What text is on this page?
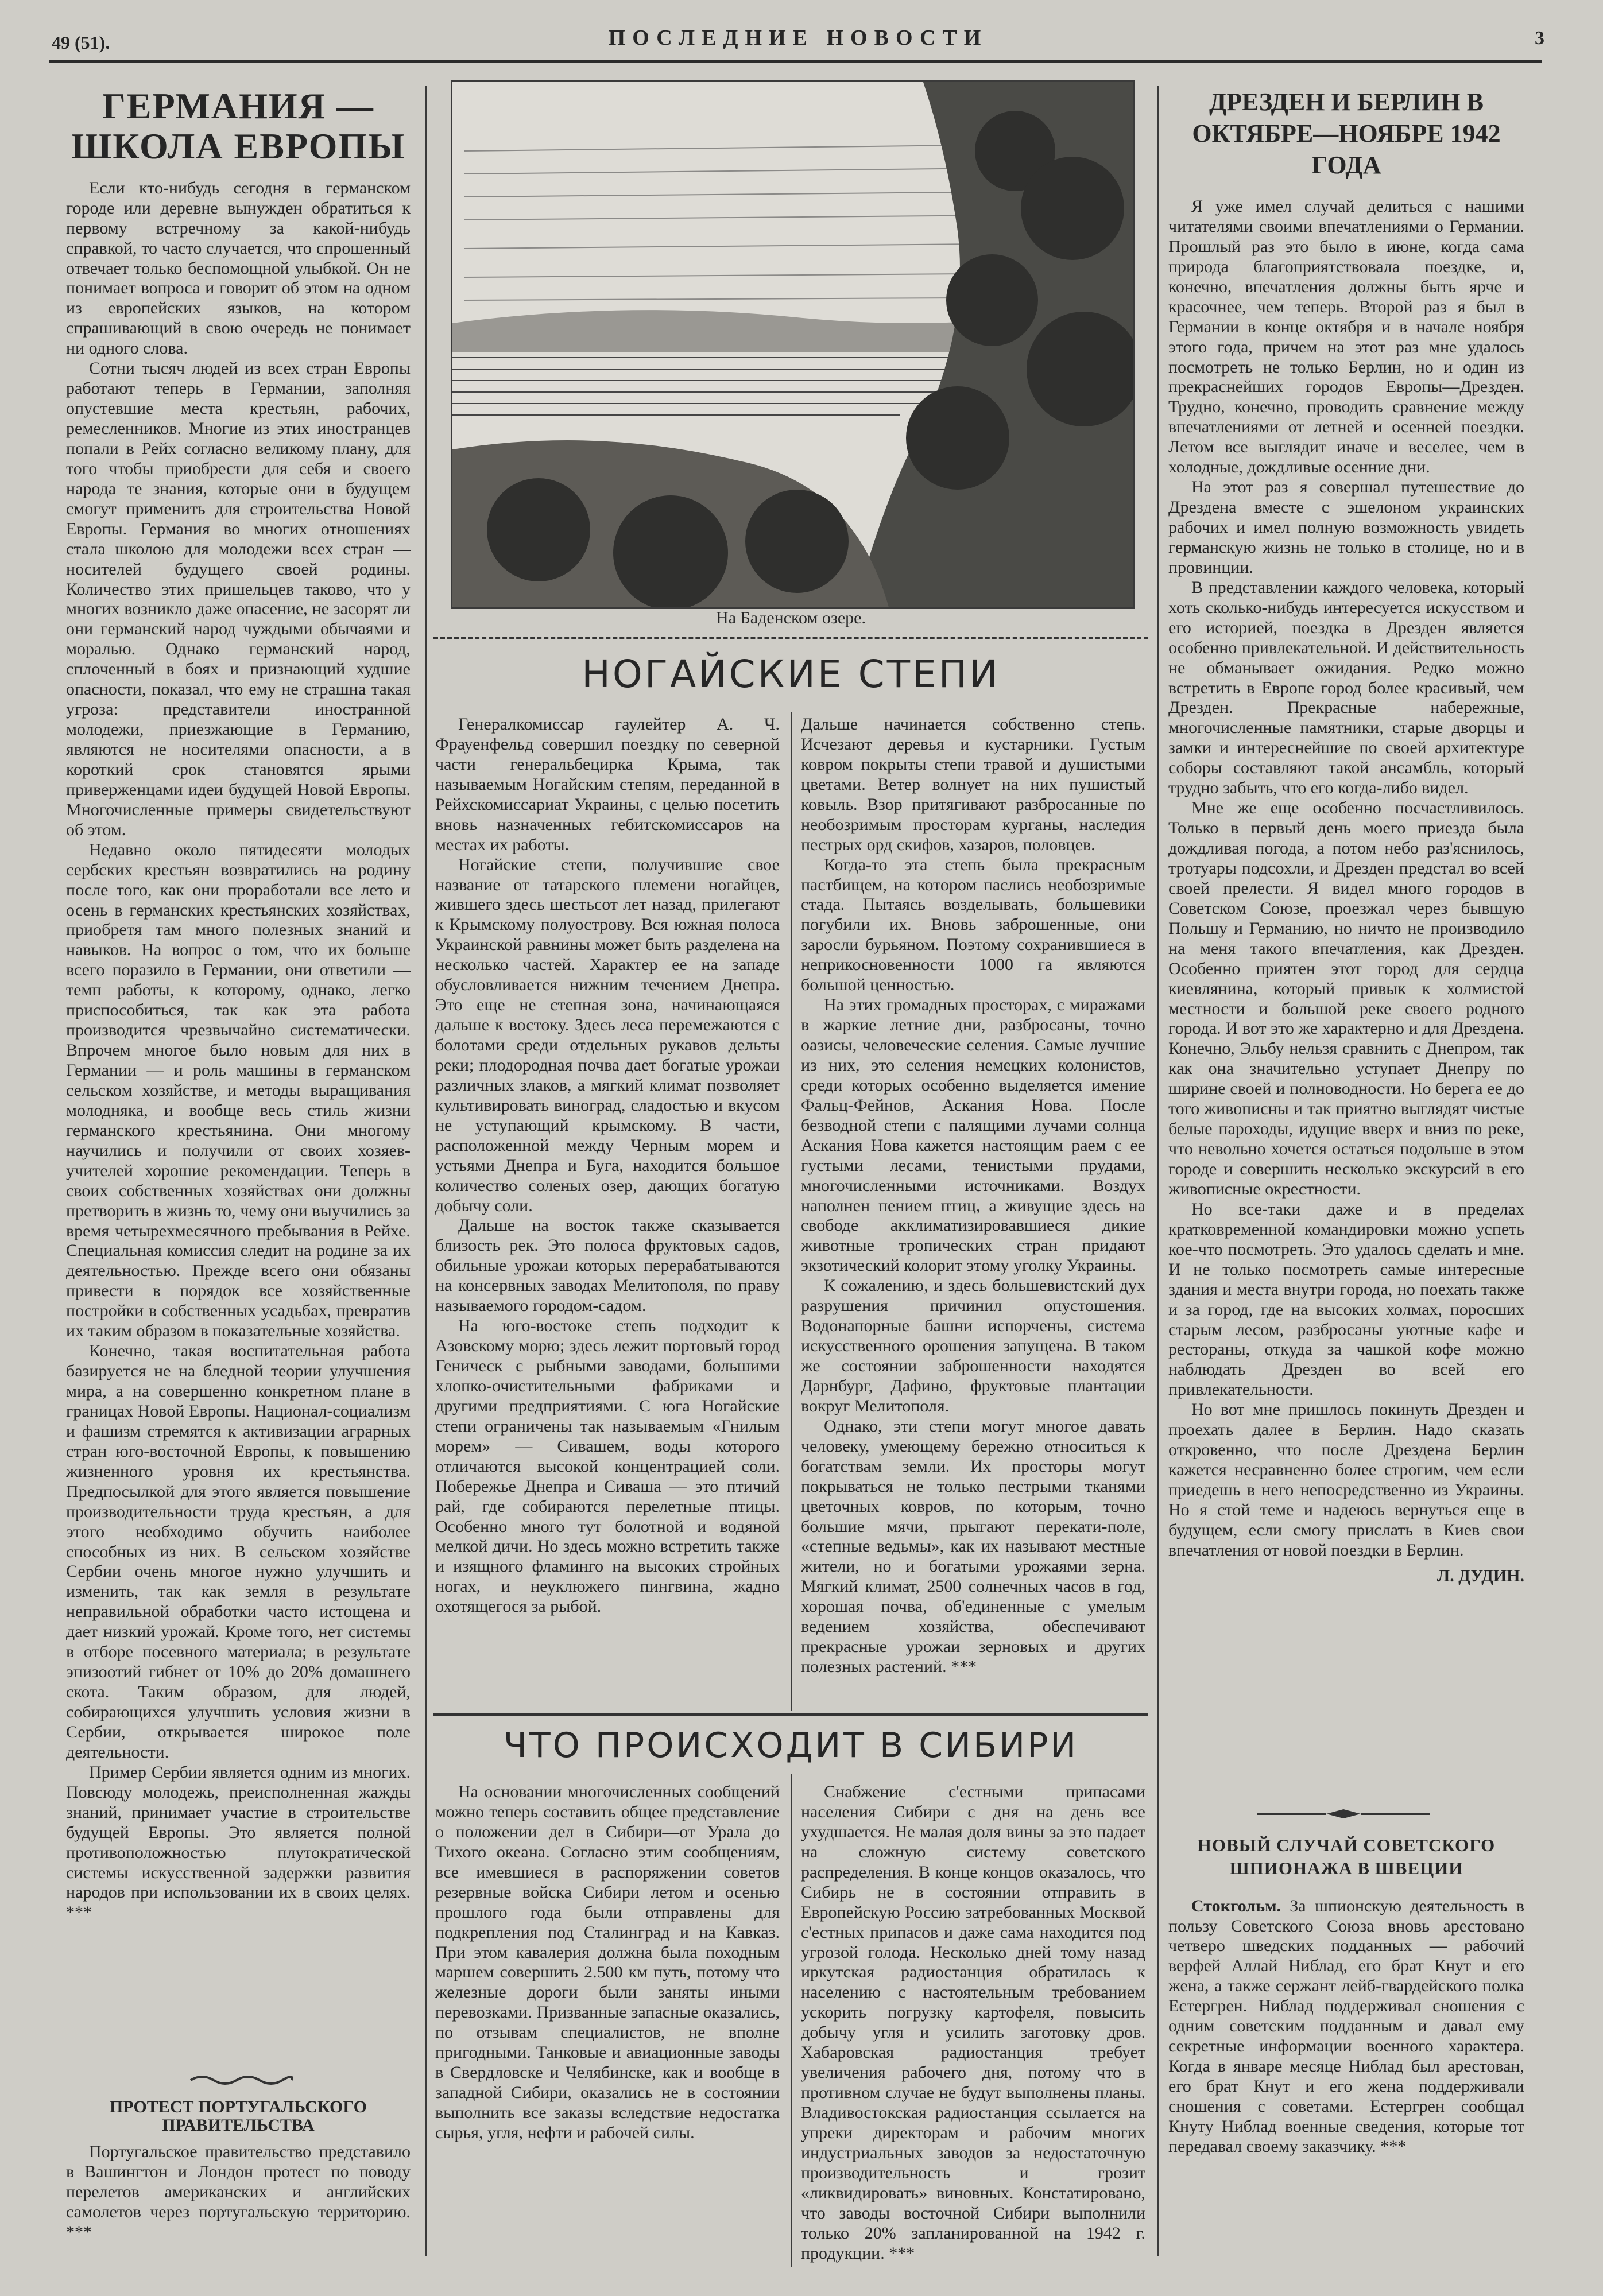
49 (51).	ПОСЛЕДНИЕ НОВОСТИ	3
ГЕРМАНИЯ — ШКОЛА ЕВРОПЫ

Если кто-нибудь сегодня в германском городе или деревне вынужден обратиться к первому встречному за какой-нибудь справкой, то часто случается, что спрошенный отвечает только беспомощной улыбкой. Он не понимает вопроса и говорит об этом на одном из европейских языков, на котором спрашивающий в свою очередь не понимает ни одного слова.

Сотни тысяч людей из всех стран Европы работают теперь в Германии, заполняя опустевшие места крестьян, рабочих, ремесленников. Многие из этих иностранцев попали в Рейх согласно великому плану, для того чтобы приобрести для себя и своего народа те знания, которые они в будущем смогут применить для строительства Новой Европы. Германия во многих отношениях стала школою для молодежи всех стран — носителей будущего своей родины. Количество этих пришельцев таково, что у многих возникло даже опасение, не засорят ли они германский народ чуждыми обычаями и моралью. Однако германский народ, сплоченный в боях и признающий худшие опасности, показал, что ему не страшна такая угроза: представители иностранной молодежи, приезжающие в Германию, являются не носителями опасности, а в короткий срок становятся ярыми приверженцами идеи будущей Новой Европы. Многочисленные примеры свидетельствуют об этом.

Недавно около пятидесяти молодых сербских крестьян возвратились на родину после того, как они проработали все лето и осень в германских крестьянских хозяйствах, приобретя там много полезных знаний и навыков. На вопрос о том, что их больше всего поразило в Германии, они ответили — темп работы, к которому, однако, легко приспособиться, так как эта работа производится чрезвычайно систематически. Впрочем многое было новым для них в Германии — и роль машины в германском сельском хозяйстве, и методы выращивания молодняка, и вообще весь стиль жизни германского крестьянина. Они многому научились и получили от своих хозяев-учителей хорошие рекомендации. Теперь в своих собственных хозяйствах они должны претворить в жизнь то, чему они выучились за время четырехмесячного пребывания в Рейхе. Специальная комиссия следит на родине за их деятельностью. Прежде всего они обязаны привести в порядок все хозяйственные постройки в собственных усадьбах, превратив их таким образом в показательные хозяйства.

Конечно, такая воспитательная работа базируется не на бледной теории улучшения мира, а на совершенно конкретном плане в границах Новой Европы. Национал-социализм и фашизм стремятся к активизации аграрных стран юго-восточной Европы, к повышению жизненного уровня их крестьянства. Предпосылкой для этого является повышение производительности труда крестьян, а для этого необходимо обучить наиболее способных из них. В сельском хозяйстве Сербии очень многое нужно улучшить и изменить, так как земля в результате неправильной обработки часто истощена и дает низкий урожай. Кроме того, нет системы в отборе посевного материала; в результате эпизоотий гибнет от 10% до 20% домашнего скота. Таким образом, для людей, собирающихся улучшить условия жизни в Сербии, открывается широкое поле деятельности.

Пример Сербии является одним из многих. Повсюду молодежь, преисполненная жажды знаний, принимает участие в строительстве будущей Европы. Это является полной противоположностью плутократической системы искусственной задержки развития народов при использовании их в своих целях. ***

ПРОТЕСТ ПОРТУГАЛЬСКОГО ПРАВИТЕЛЬСТВА

Португальское правительство представило в Вашингтон и Лондон протест по поводу перелетов американских и английских самолетов через португальскую территорию. ***

На Баденском озере.
НОГАЙСКИЕ СТЕПИ

Генералкомиссар гаулейтер А. Ч. Фрауенфельд совершил поездку по северной части генеральбецирка Крыма, так называемым Ногайским степям, переданной в Рейхскомиссариат Украины, с целью посетить вновь назначенных гебитскомиссаров на местах их работы.

Ногайские степи, получившие свое название от татарского племени ногайцев, жившего здесь шестьсот лет назад, прилегают к Крымскому полуострову. Вся южная полоса Украинской равнины может быть разделена на несколько частей. Характер ее на западе обусловливается нижним течением Днепра. Это еще не степная зона, начинающаяся дальше к востоку. Здесь леса перемежаются с болотами среди отдельных рукавов дельты реки; плодородная почва дает богатые урожаи различных злаков, а мягкий климат позволяет культивировать виноград, сладостью и вкусом не уступающий крымскому. В части, расположенной между Черным морем и устьями Днепра и Буга, находится большое количество соленых озер, дающих богатую добычу соли.

Дальше на восток также сказывается близость рек. Это полоса фруктовых садов, обильные урожаи которых перерабатываются на консервных заводах Мелитополя, по праву называемого городом-садом.

На юго-востоке степь подходит к Азовскому морю; здесь лежит портовый город Геническ с рыбными заводами, большими хлопко-очистительными фабриками и другими предприятиями. С юга Ногайские степи ограничены так называемым «Гнилым морем» — Сивашем, воды которого отличаются высокой концентрацией соли. Побережье Днепра и Сиваша — это птичий рай, где собираются перелетные птицы. Особенно много тут болотной и водяной мелкой дичи. Но здесь можно встретить также и изящного фламинго на высоких стройных ногах, и неуклюжего пингвина, жадно охотящегося за рыбой.

Дальше начинается собственно степь. Исчезают деревья и кустарники. Густым ковром покрыты степи травой и душистыми цветами. Ветер волнует на них пушистый ковыль. Взор притягивают разбросанные по необозримым просторам курганы, наследия пестрых орд скифов, хазаров, половцев.

Когда-то эта степь была прекрасным пастбищем, на котором паслись необозримые стада. Пытаясь возделывать, большевики погубили их. Вновь заброшенные, они заросли бурьяном. Поэтому сохранившиеся в неприкосновенности 1000 га являются большой ценностью.

На этих громадных просторах, с миражами в жаркие летние дни, разбросаны, точно оазисы, человеческие селения. Самые лучшие из них, это селения немецких колонистов, среди которых особенно выделяется имение Фальц-Фейнов, Аскания Нова. После безводной степи с палящими лучами солнца Аскания Нова кажется настоящим раем с ее густыми лесами, тенистыми прудами, многочисленными источниками. Воздух наполнен пением птиц, а живущие здесь на свободе акклиматизировавшиеся дикие животные тропических стран придают экзотический колорит этому уголку Украины.

К сожалению, и здесь большевистский дух разрушения причинил опустошения. Водонапорные башни испорчены, система искусственного орошения запущена. В таком же состоянии заброшенности находятся Дарнбург, Дафино, фруктовые плантации вокруг Мелитополя.

Однако, эти степи могут многое давать человеку, умеющему бережно относиться к богатствам земли. Их просторы могут покрываться не только пестрыми тканями цветочных ковров, по которым, точно большие мячи, прыгают перекати-поле, «степные ведьмы», как их называют местные жители, но и богатыми урожаями зерна. Мягкий климат, 2500 солнечных часов в год, хорошая почва, об'единенные с умелым ведением хозяйства, обеспечивают прекрасные урожаи зерновых и других полезных растений. ***

ЧТО ПРОИСХОДИТ В СИБИРИ

На основании многочисленных сообщений можно теперь составить общее представление о положении дел в Сибири—от Урала до Тихого океана. Согласно этим сообщениям, все имевшиеся в распоряжении советов резервные войска Сибири летом и осенью прошлого года были отправлены для подкрепления под Сталинград и на Кавказ. При этом кавалерия должна была походным маршем совершить 2.500 км путь, потому что железные дороги были заняты иными перевозками. Призванные запасные оказались, по отзывам специалистов, не вполне пригодными. Танковые и авиационные заводы в Свердловске и Челябинске, как и вообще в западной Сибири, оказались не в состоянии выполнить все заказы вследствие недостатка сырья, угля, нефти и рабочей силы.

Снабжение с'естными припасами населения Сибири с дня на день все ухудшается. Не малая доля вины за это падает на сложную систему советского распределения. В конце концов оказалось, что Сибирь не в состоянии отправить в Европейскую Россию затребованных Москвой с'естных припасов и даже сама находится под угрозой голода. Несколько дней тому назад иркутская радиостанция обратилась к населению с настоятельным требованием ускорить погрузку картофеля, повысить добычу угля и усилить заготовку дров. Хабаровская радиостанция требует увеличения рабочего дня, потому что в противном случае не будут выполнены планы. Владивостокская радиостанция ссылается на упреки директорам и рабочим многих индустриальных заводов за недостаточную производительность и грозит «ликвидировать» виновных. Констатировано, что заводы восточной Сибири выполнили только 20% запланированной на 1942 г. продукции. ***

ДРЕЗДЕН И БЕРЛИН В ОКТЯБРЕ—НОЯБРЕ 1942 ГОДА

Я уже имел случай делиться с нашими читателями своими впечатлениями о Германии. Прошлый раз это было в июне, когда сама природа благоприятствовала поездке, и, конечно, впечатления должны быть ярче и красочнее, чем теперь. Второй раз я был в Германии в конце октября и в начале ноября этого года, причем на этот раз мне удалось посмотреть не только Берлин, но и один из прекраснейших городов Европы—Дрезден. Трудно, конечно, проводить сравнение между впечатлениями от летней и осенней поездки. Летом все выглядит иначе и веселее, чем в холодные, дождливые осенние дни.

На этот раз я совершал путешествие до Дрездена вместе с эшелоном украинских рабочих и имел полную возможность увидеть германскую жизнь не только в столице, но и в провинции.

В представлении каждого человека, который хоть сколько-нибудь интересуется искусством и его историей, поездка в Дрезден является особенно привлекательной. И действительность не обманывает ожидания. Редко можно встретить в Европе город более красивый, чем Дрезден. Прекрасные набережные, многочисленные памятники, старые дворцы и замки и интереснейшие по своей архитектуре соборы составляют такой ансамбль, который трудно забыть, что его когда-либо видел.

Мне же еще особенно посчастливилось. Только в первый день моего приезда была дождливая погода, а потом небо раз'яснилось, тротуары подсохли, и Дрезден предстал во всей своей прелести. Я видел много городов в Советском Союзе, проезжал через бывшую Польшу и Германию, но ничто не производило на меня такого впечатления, как Дрезден. Особенно приятен этот город для сердца киевлянина, который привык к холмистой местности и большой реке своего родного города. И вот это же характерно и для Дрездена. Конечно, Эльбу нельзя сравнить с Днепром, так как она значительно уступает Днепру по ширине своей и полноводности. Но берега ее до того живописны и так приятно выглядят чистые белые пароходы, идущие вверх и вниз по реке, что невольно хочется остаться подольше в этом городе и совершить несколько экскурсий в его живописные окрестности.

Но все-таки даже и в пределах кратковременной командировки можно успеть кое-что посмотреть. Это удалось сделать и мне. И не только посмотреть самые интересные здания и места внутри города, но поехать также и за город, где на высоких холмах, поросших старым лесом, разбросаны уютные кафе и рестораны, откуда за чашкой кофе можно наблюдать Дрезден во всей его привлекательности.

Но вот мне пришлось покинуть Дрезден и проехать далее в Берлин. Надо сказать откровенно, что после Дрездена Берлин кажется несравненно более строгим, чем если приедешь в него непосредственно из Украины. Но я стой теме и надеюсь вернуться еще в будущем, если смогу прислать в Киев свои впечатления от новой поездки в Берлин.

Л. ДУДИН.
НОВЫЙ СЛУЧАЙ СОВЕТСКОГО ШПИОНАЖА В ШВЕЦИИ

Стокгольм. За шпионскую деятельность в пользу Советского Союза вновь арестовано четверо шведских подданных — рабочий верфей Аллай Ниблад, его брат Кнут и его жена, а также сержант лейб-гвардейского полка Естергрен. Ниблад поддерживал сношения с одним советским подданным и давал ему секретные информации военного характера. Когда в январе месяце Ниблад был арестован, его брат Кнут и его жена поддерживали сношения с советами. Естергрен сообщал Кнуту Ниблад военные сведения, которые тот передавал своему заказчику. ***
